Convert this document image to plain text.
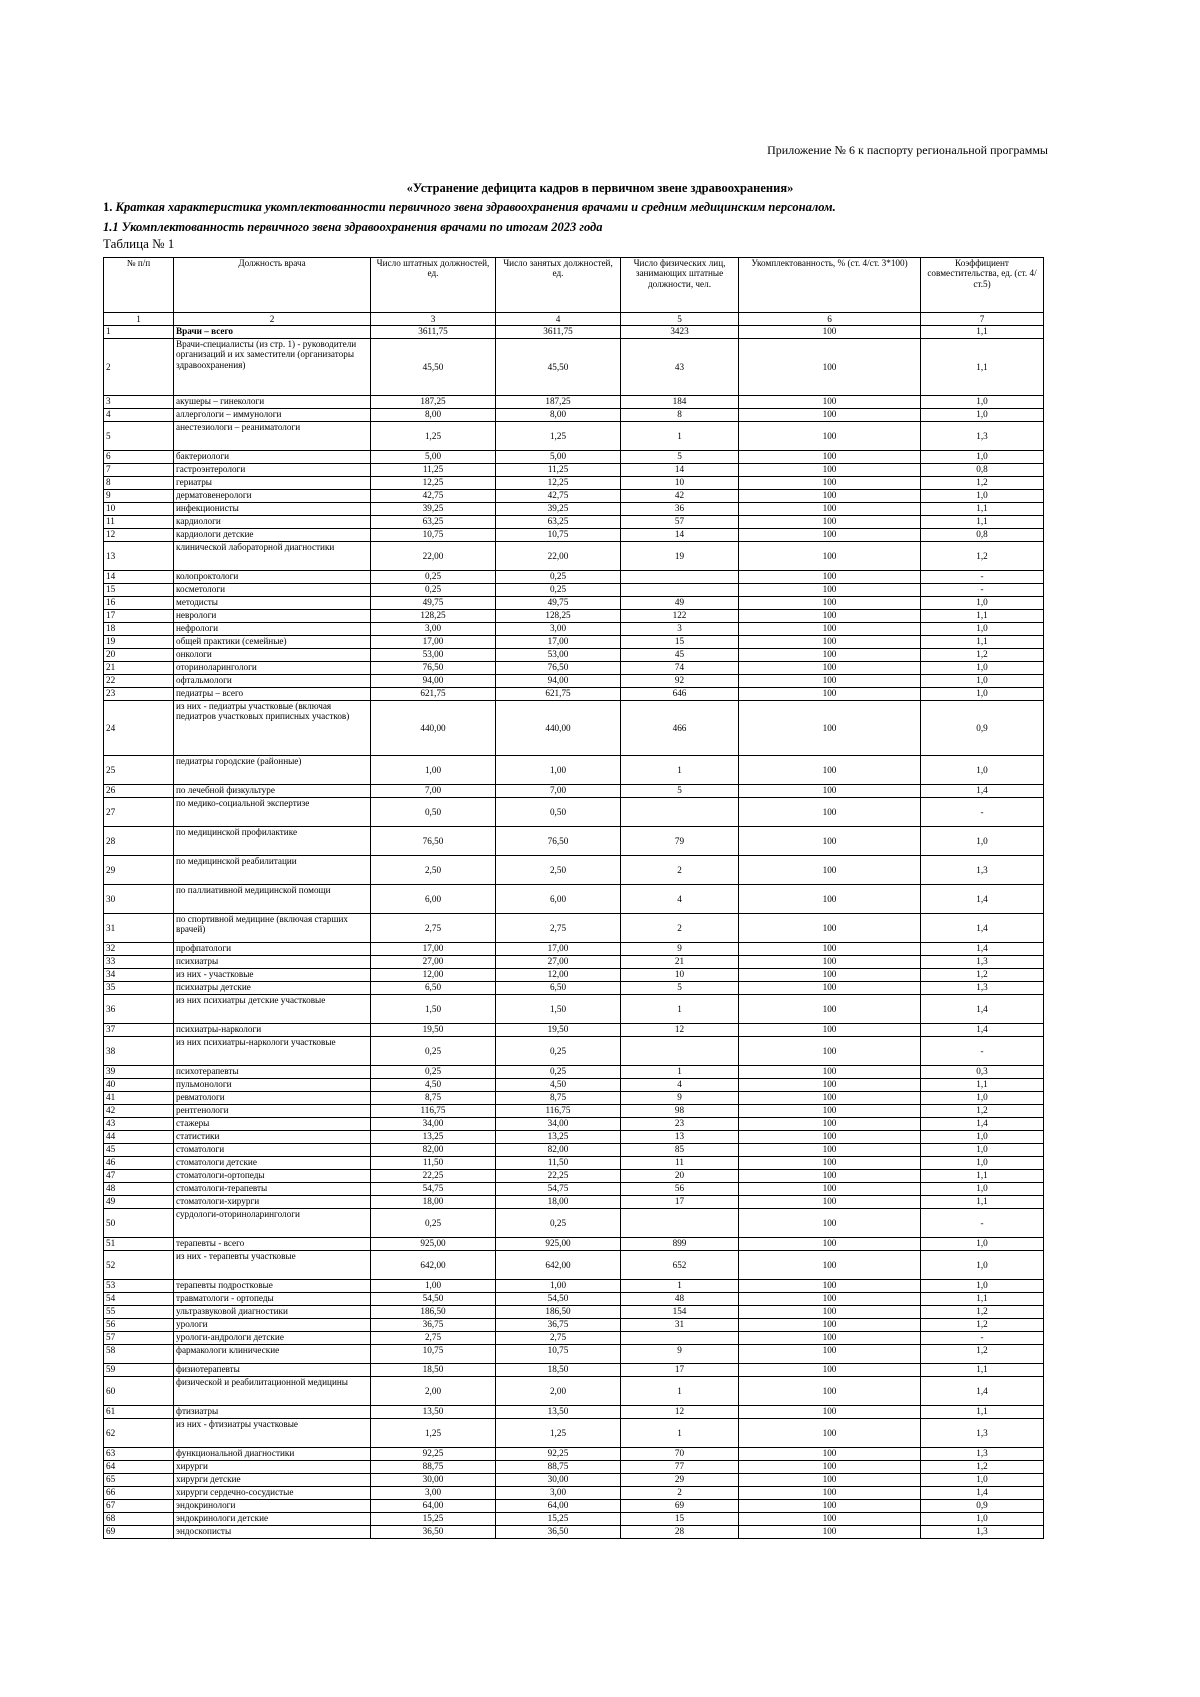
Приложение № 6 к паспорту региональной программы
«Устранение дефицита кадров в первичном звене здравоохранения»
1. Краткая характеристика укомплектованности первичного звена здравоохранения врачами и средним медицинским персоналом.
1.1 Укомплектованность первичного звена здравоохранения врачами по итогам 2023 года
Таблица № 1
№ п/п	Должность врача	Число штатных должностей, ед.	Число занятых должностей, ед.	Число физических лиц, занимающих штатные должности, чел.	Укомплектованность, % (ст. 4/ст. 3*100)	Коэффициент совместительства, ед. (ст. 4/ст.5)
1	2	3	4	5	6	7
1	Врачи – всего	3611,75	3611,75	3423	100	1,1
2	Врачи-специалисты (из стр. 1) - руководители организаций и их заместители (организаторы здравоохранения)	45,50	45,50	43	100	1,1
3	акушеры – гинекологи	187,25	187,25	184	100	1,0
4	аллергологи – иммунологи	8,00	8,00	8	100	1,0
5	анестезиологи – реаниматологи	1,25	1,25	1	100	1,3
6	бактериологи	5,00	5,00	5	100	1,0
7	гастроэнтерологи	11,25	11,25	14	100	0,8
8	гериатры	12,25	12,25	10	100	1,2
9	дерматовенерологи	42,75	42,75	42	100	1,0
10	инфекционисты	39,25	39,25	36	100	1,1
11	кардиологи	63,25	63,25	57	100	1,1
12	кардиологи детские	10,75	10,75	14	100	0,8
13	клинической лабораторной диагностики	22,00	22,00	19	100	1,2
14	колопроктологи	0,25	0,25		100	-
15	косметологи	0,25	0,25		100	-
16	методисты	49,75	49,75	49	100	1,0
17	неврологи	128,25	128,25	122	100	1,1
18	нефрологи	3,00	3,00	3	100	1,0
19	общей практики (семейные)	17,00	17,00	15	100	1,1
20	онкологи	53,00	53,00	45	100	1,2
21	оториноларингологи	76,50	76,50	74	100	1,0
22	офтальмологи	94,00	94,00	92	100	1,0
23	педиатры – всего	621,75	621,75	646	100	1,0
24	из них - педиатры участковые (включая педиатров участковых приписных участков)	440,00	440,00	466	100	0,9
25	педиатры городские (районные)	1,00	1,00	1	100	1,0
26	по лечебной физкультуре	7,00	7,00	5	100	1,4
27	по медико-социальной экспертизе	0,50	0,50		100	-
28	по медицинской профилактике	76,50	76,50	79	100	1,0
29	по медицинской реабилитации	2,50	2,50	2	100	1,3
30	по паллиативной медицинской помощи	6,00	6,00	4	100	1,4
31	по спортивной медицине (включая старших врачей)	2,75	2,75	2	100	1,4
32	профпатологи	17,00	17,00	9	100	1,4
33	психиатры	27,00	27,00	21	100	1,3
34	из них - участковые	12,00	12,00	10	100	1,2
35	психиатры детские	6,50	6,50	5	100	1,3
36	из них психиатры детские участковые	1,50	1,50	1	100	1,4
37	психиатры-наркологи	19,50	19,50	12	100	1,4
38	из них психиатры-наркологи участковые	0,25	0,25		100	-
39	психотерапевты	0,25	0,25	1	100	0,3
40	пульмонологи	4,50	4,50	4	100	1,1
41	ревматологи	8,75	8,75	9	100	1,0
42	рентгенологи	116,75	116,75	98	100	1,2
43	стажеры	34,00	34,00	23	100	1,4
44	статистики	13,25	13,25	13	100	1,0
45	стоматологи	82,00	82,00	85	100	1,0
46	стоматологи детские	11,50	11,50	11	100	1,0
47	стоматологи-ортопеды	22,25	22,25	20	100	1,1
48	стоматологи-терапевты	54,75	54,75	56	100	1,0
49	стоматологи-хирурги	18,00	18,00	17	100	1,1
50	сурдологи-оториноларингологи	0,25	0,25		100	-
51	терапевты - всего	925,00	925,00	899	100	1,0
52	из них - терапевты участковые	642,00	642,00	652	100	1,0
53	терапевты подростковые	1,00	1,00	1	100	1,0
54	травматологи - ортопеды	54,50	54,50	48	100	1,1
55	ультразвуковой диагностики	186,50	186,50	154	100	1,2
56	урологи	36,75	36,75	31	100	1,2
57	урологи-андрологи детские	2,75	2,75		100	-
58	фармакологи клинические	10,75	10,75	9	100	1,2
59	физиотерапевты	18,50	18,50	17	100	1,1
60	физической и реабилитационной медицины	2,00	2,00	1	100	1,4
61	фтизиатры	13,50	13,50	12	100	1,1
62	из них - фтизиатры участковые	1,25	1,25	1	100	1,3
63	функциональной диагностики	92,25	92,25	70	100	1,3
64	хирурги	88,75	88,75	77	100	1,2
65	хирурги детские	30,00	30,00	29	100	1,0
66	хирурги сердечно-сосудистые	3,00	3,00	2	100	1,4
67	эндокринологи	64,00	64,00	69	100	0,9
68	эндокринологи детские	15,25	15,25	15	100	1,0
69	эндоскописты	36,50	36,50	28	100	1,3
